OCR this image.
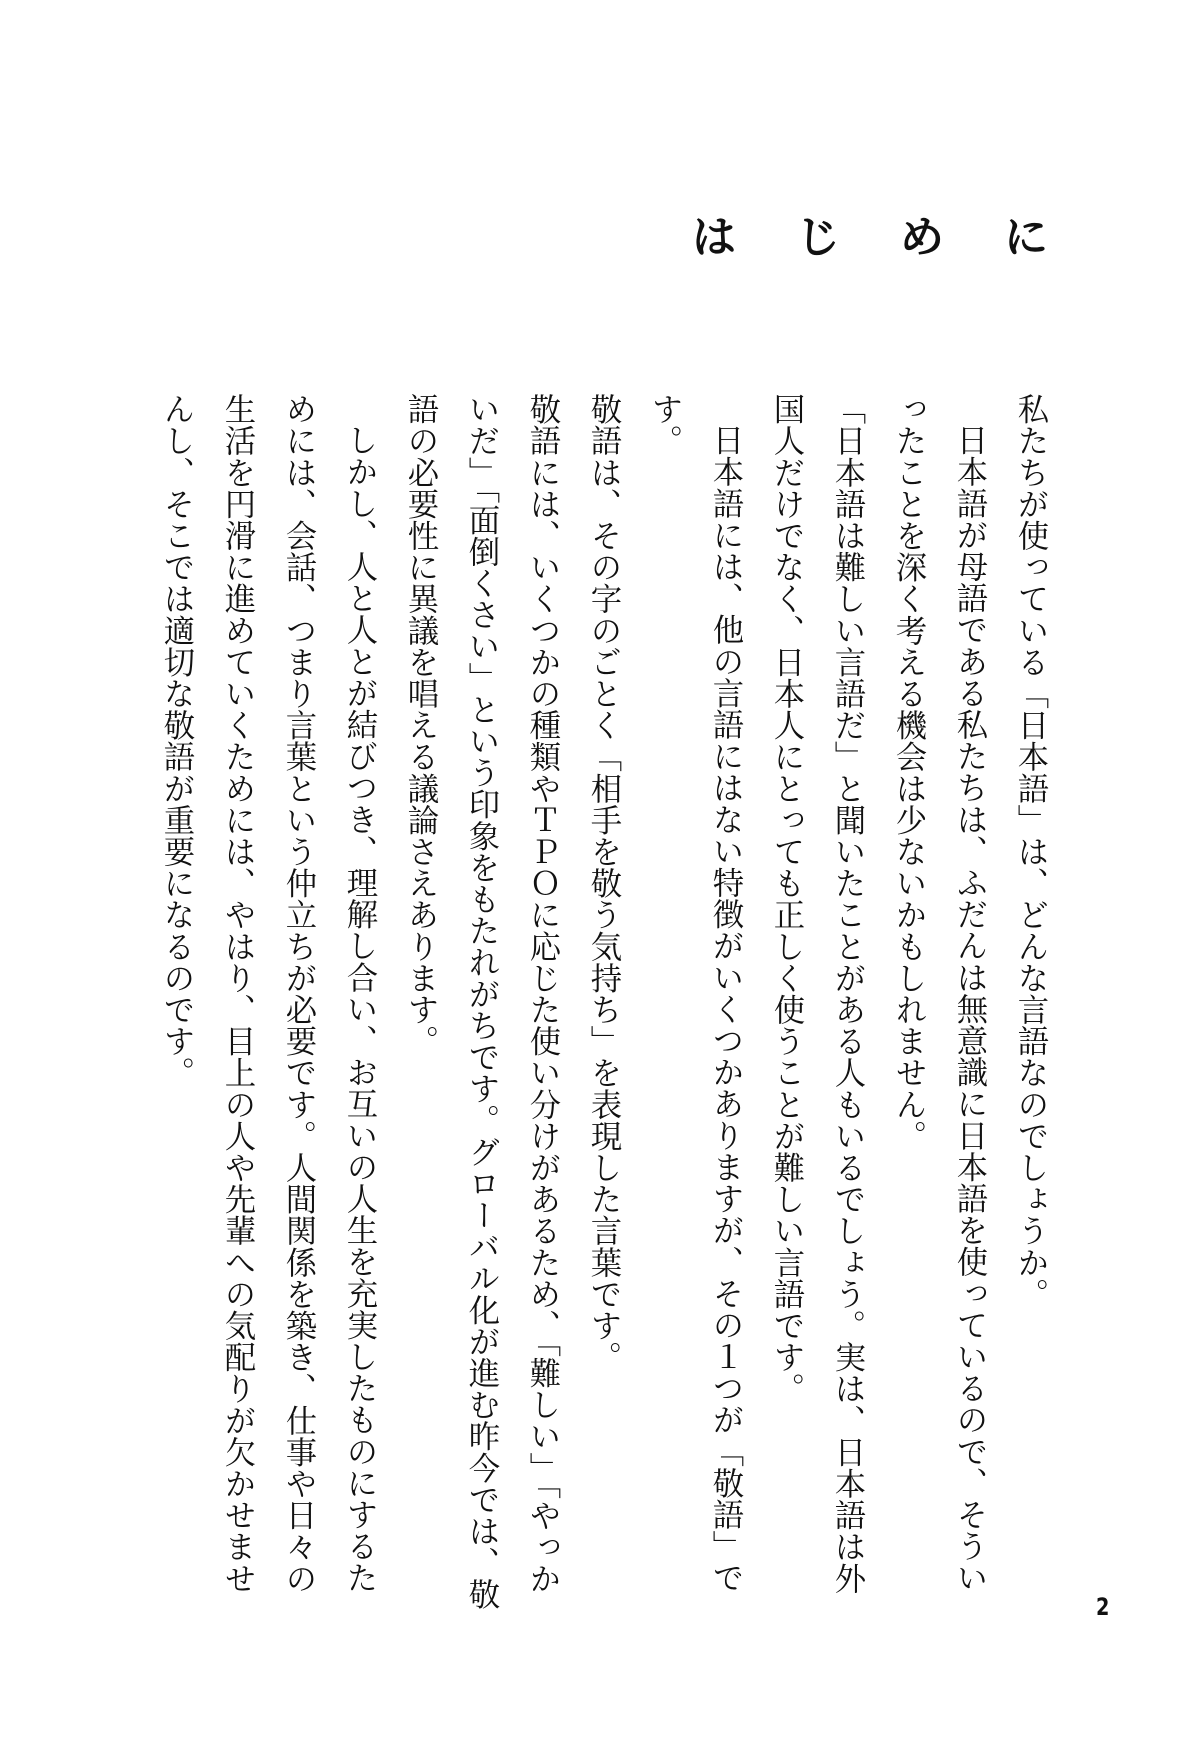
は じ め に

私たちが使っている「日本語」は、どんな言語なのでしょうか。

日本語が母語である私たちは、ふだんは無意識に日本語を使っているので、そういったことを深く考える機会は少ないかもしれません。

「日本語は難しい言語だ」と聞いたことがある人もいるでしょう。実は、日本語は外国人だけでなく、日本人にとっても正しく使うことが難しい言語です。

日本語には、他の言語にはない特徴がいくつかありますが、その１つが「敬語」です。

敬語は、その字のごとく「相手を敬う気持ち」を表現した言葉です。

敬語には、いくつかの種類やＴＰＯに応じた使い分けがあるため、「難しい」「やっかいだ」「面倒くさい」という印象をもたれがちです。グローバル化が進む昨今では、敬語の必要性に異議を唱える議論さえあります。

しかし、人と人とが結びつき、理解し合い、お互いの人生を充実したものにするためには、会話、つまり言葉という仲立ちが必要です。人間関係を築き、仕事や日々の生活を円滑に進めていくためには、やはり、目上の人や先輩への気配りが欠かせませんし、そこでは適切な敬語が重要になるのです。

2
